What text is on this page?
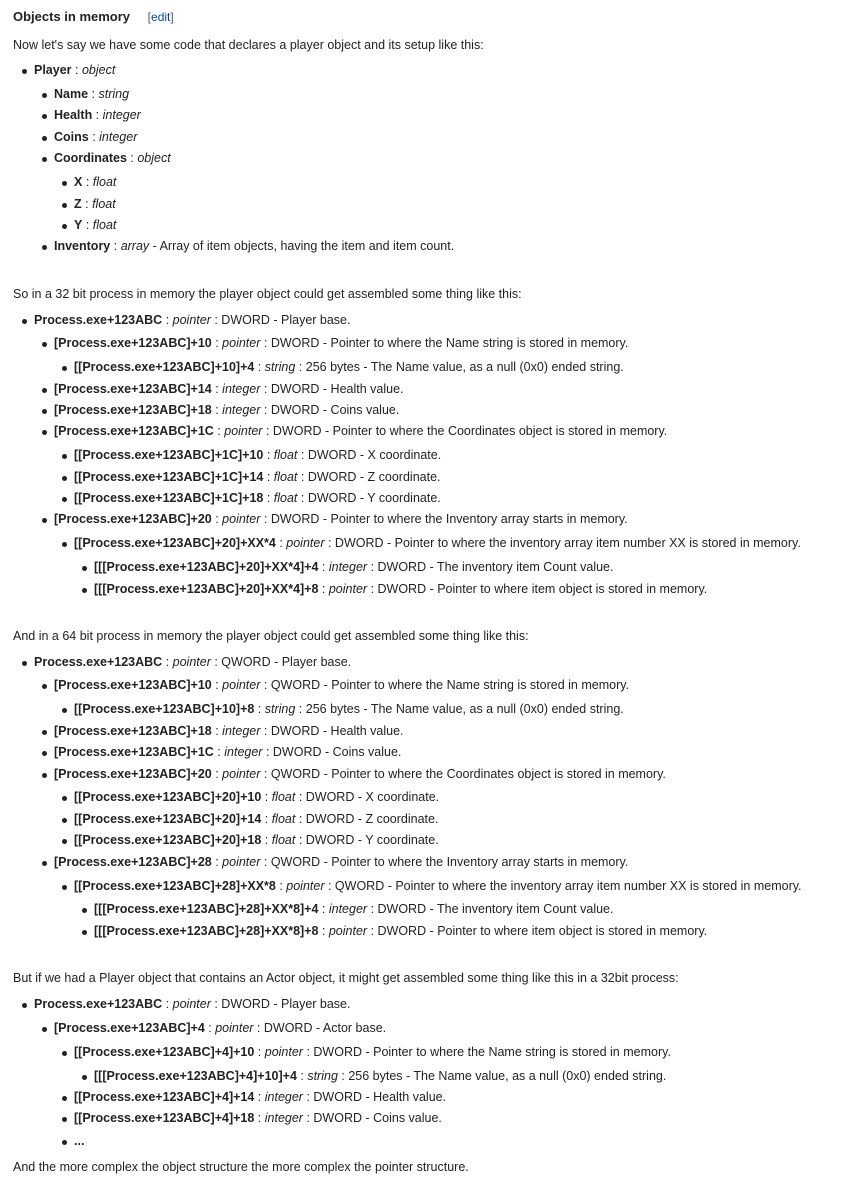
Objects in memory [edit]
Now let's say we have some code that declares a player object and its setup like this:
So in a 32 bit process in memory the player object could get assembled some thing like this:
And in a 64 bit process in memory the player object could get assembled some thing like this:
But if we had a Player object that contains an Actor object, it might get assembled some thing like this in a 32bit process:
And the more complex the object structure the more complex the pointer structure.
Player : object
Name : string
Health : integer
Coins : integer
Coordinates : object
X : float
Z : float
Y : float
Inventory : array - Array of item objects, having the item and item count.
Process.exe+123ABC : pointer : DWORD - Player base.
[Process.exe+123ABC]+10 : pointer : DWORD - Pointer to where the Name string is stored in memory.
[[Process.exe+123ABC]+10]+4 : string : 256 bytes - The Name value, as a null (0x0) ended string.
[Process.exe+123ABC]+14 : integer : DWORD - Health value.
[Process.exe+123ABC]+18 : integer : DWORD - Coins value.
[Process.exe+123ABC]+1C : pointer : DWORD - Pointer to where the Coordinates object is stored in memory.
[[Process.exe+123ABC]+1C]+10 : float : DWORD - X coordinate.
[[Process.exe+123ABC]+1C]+14 : float : DWORD - Z coordinate.
[[Process.exe+123ABC]+1C]+18 : float : DWORD - Y coordinate.
[Process.exe+123ABC]+20 : pointer : DWORD - Pointer to where the Inventory array starts in memory.
[[Process.exe+123ABC]+20]+XX*4 : pointer : DWORD - Pointer to where the inventory array item number XX is stored in memory.
[[[Process.exe+123ABC]+20]+XX*4]+4 : integer : DWORD - The inventory item Count value.
[[[Process.exe+123ABC]+20]+XX*4]+8 : pointer : DWORD - Pointer to where item object is stored in memory.
Process.exe+123ABC : pointer : QWORD - Player base.
[Process.exe+123ABC]+10 : pointer : QWORD - Pointer to where the Name string is stored in memory.
[[Process.exe+123ABC]+10]+8 : string : 256 bytes - The Name value, as a null (0x0) ended string.
[Process.exe+123ABC]+18 : integer : DWORD - Health value.
[Process.exe+123ABC]+1C : integer : DWORD - Coins value.
[Process.exe+123ABC]+20 : pointer : QWORD - Pointer to where the Coordinates object is stored in memory.
[[Process.exe+123ABC]+20]+10 : float : DWORD - X coordinate.
[[Process.exe+123ABC]+20]+14 : float : DWORD - Z coordinate.
[[Process.exe+123ABC]+20]+18 : float : DWORD - Y coordinate.
[Process.exe+123ABC]+28 : pointer : QWORD - Pointer to where the Inventory array starts in memory.
[[Process.exe+123ABC]+28]+XX*8 : pointer : QWORD - Pointer to where the inventory array item number XX is stored in memory.
[[[Process.exe+123ABC]+28]+XX*8]+4 : integer : DWORD - The inventory item Count value.
[[[Process.exe+123ABC]+28]+XX*8]+8 : pointer : DWORD - Pointer to where item object is stored in memory.
Process.exe+123ABC : pointer : DWORD - Player base.
[Process.exe+123ABC]+4 : pointer : DWORD - Actor base.
[[Process.exe+123ABC]+4]+10 : pointer : DWORD - Pointer to where the Name string is stored in memory.
[[[Process.exe+123ABC]+4]+10]+4 : string : 256 bytes - The Name value, as a null (0x0) ended string.
[[Process.exe+123ABC]+4]+14 : integer : DWORD - Health value.
[[Process.exe+123ABC]+4]+18 : integer : DWORD - Coins value.
...
